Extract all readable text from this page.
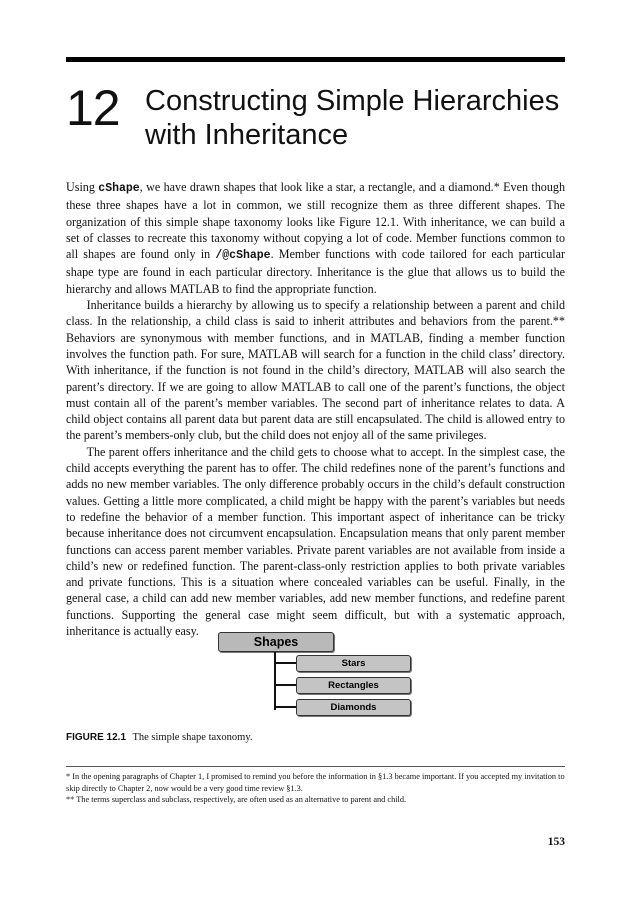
12 Constructing Simple Hierarchies with Inheritance

Using cShape, we have drawn shapes that look like a star, a rectangle, and a diamond.* Even though these three shapes have a lot in common, we still recognize them as three different shapes. The organization of this simple shape taxonomy looks like Figure 12.1. With inheritance, we can build a set of classes to recreate this taxonomy without copying a lot of code. Member functions common to all shapes are found only in /@cShape. Member functions with code tailored for each particular shape type are found in each particular directory. Inheritance is the glue that allows us to build the hierarchy and allows MATLAB to find the appropriate function.

Inheritance builds a hierarchy by allowing us to specify a relationship between a parent and child class. In the relationship, a child class is said to inherit attributes and behaviors from the parent.** Behaviors are synonymous with member functions, and in MATLAB, finding a member function involves the function path. For sure, MATLAB will search for a function in the child class’ directory. With inheritance, if the function is not found in the child’s directory, MATLAB will also search the parent’s directory. If we are going to allow MATLAB to call one of the parent’s functions, the object must contain all of the parent’s member variables. The second part of inheritance relates to data. A child object contains all parent data but parent data are still encapsulated. The child is allowed entry to the parent’s members-only club, but the child does not enjoy all of the same privileges.

The parent offers inheritance and the child gets to choose what to accept. In the simplest case, the child accepts everything the parent has to offer. The child redefines none of the parent’s functions and adds no new member variables. The only difference probably occurs in the child’s default construction values. Getting a little more complicated, a child might be happy with the parent’s variables but needs to redefine the behavior of a member function. This important aspect of inheritance can be tricky because inheritance does not circumvent encapsulation. Encapsulation means that only parent member functions can access parent member variables. Private parent variables are not available from inside a child’s new or redefined function. The parent-class-only restriction applies to both private variables and private functions. This is a situation where concealed variables can be useful. Finally, in the general case, a child can add new member variables, add new member functions, and redefine parent functions. Supporting the general case might seem difficult, but with a systematic approach, inheritance is actually easy.

Shapes
Stars
Rectangles
Diamonds
FIGURE 12.1 The simple shape taxonomy.

* In the opening paragraphs of Chapter 1, I promised to remind you before the information in §1.3 became important. If you accepted my invitation to skip directly to Chapter 2, now would be a very good time review §1.3.

** The terms superclass and subclass, respectively, are often used as an alternative to parent and child.

153
